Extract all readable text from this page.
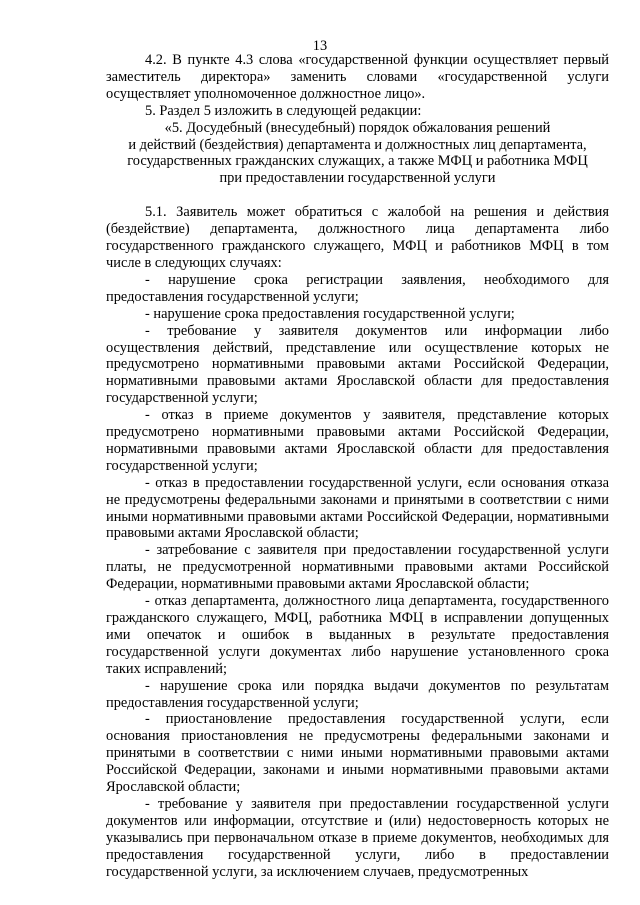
13

4.2. В пункте 4.3 слова «государственной функции осуществляет первый заместитель директора» заменить словами «государственной услуги осуществляет уполномоченное должностное лицо».

5. Раздел 5 изложить в следующей редакции:

«5. Досудебный (внесудебный) порядок обжалования решений

и действий (бездействия) департамента и должностных лиц департамента,

государственных гражданских служащих, а также МФЦ и работника МФЦ

при предоставлении государственной услуги

5.1. Заявитель может обратиться с жалобой на решения и действия (бездействие) департамента, должностного лица департамента либо государственного гражданского служащего, МФЦ и работников МФЦ в том числе в следующих случаях:

- нарушение срока регистрации заявления, необходимого для предоставления государственной услуги;

- нарушение срока предоставления государственной услуги;

- требование у заявителя документов или информации либо осуществления действий, представление или осуществление которых не предусмотрено нормативными правовыми актами Российской Федерации, нормативными правовыми актами Ярославской области для предоставления государственной услуги;

- отказ в приеме документов у заявителя, представление которых предусмотрено нормативными правовыми актами Российской Федерации, нормативными правовыми актами Ярославской области для предоставления государственной услуги;

- отказ в предоставлении государственной услуги, если основания отказа не предусмотрены федеральными законами и принятыми в соответствии с ними иными нормативными правовыми актами Российской Федерации, нормативными правовыми актами Ярославской области;

- затребование с заявителя при предоставлении государственной услуги платы, не предусмотренной нормативными правовыми актами Российской Федерации, нормативными правовыми актами Ярославской области;

- отказ департамента, должностного лица департамента, государственного гражданского служащего, МФЦ, работника МФЦ в исправлении допущенных ими опечаток и ошибок в выданных в результате предоставления государственной услуги документах либо нарушение установленного срока таких исправлений;

- нарушение срока или порядка выдачи документов по результатам предоставления государственной услуги;

- приостановление предоставления государственной услуги, если основания приостановления не предусмотрены федеральными законами и принятыми в соответствии с ними иными нормативными правовыми актами Российской Федерации, законами и иными нормативными правовыми актами Ярославской области;

- требование у заявителя при предоставлении государственной услуги документов или информации, отсутствие и (или) недостоверность которых не указывались при первоначальном отказе в приеме документов, необходимых для предоставления государственной услуги, либо в предоставлении государственной услуги, за исключением случаев, предусмотренных
